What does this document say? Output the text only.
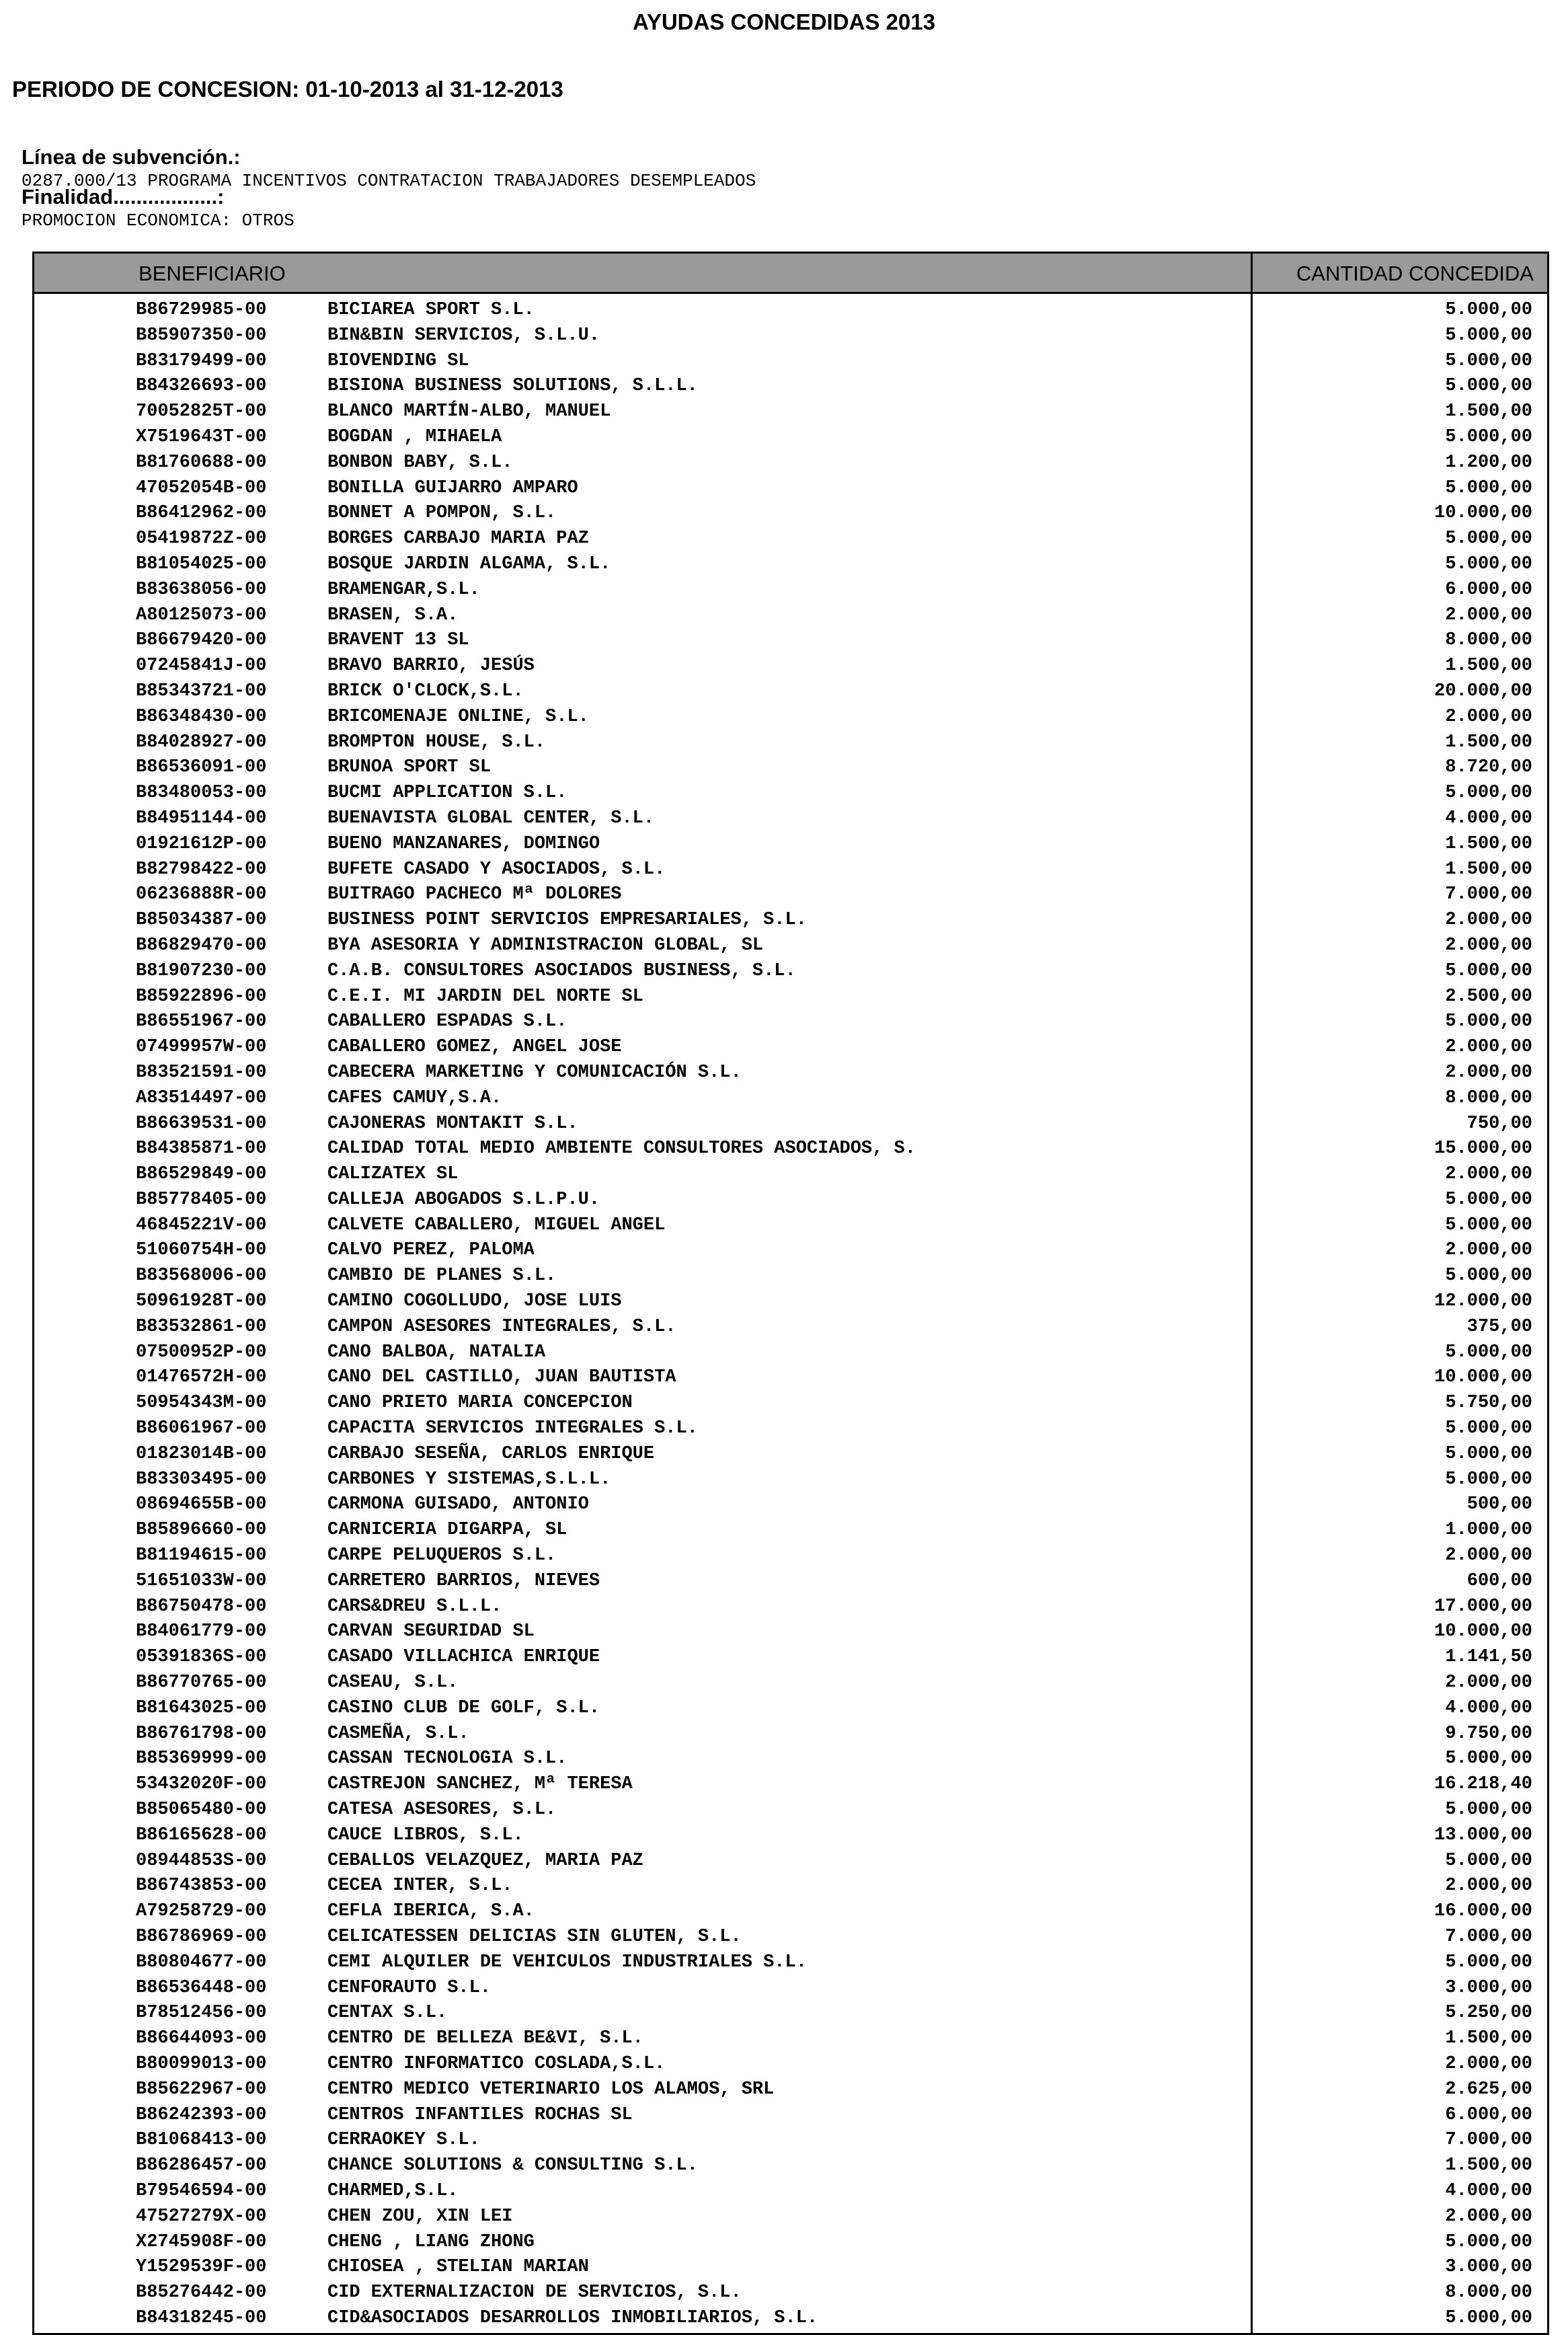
AYUDAS CONCEDIDAS 2013
PERIODO DE CONCESION: 01-10-2013 al 31-12-2013

Línea de subvención.:
0287.000/13 PROGRAMA INCENTIVOS CONTRATACION TRABAJADORES DESEMPLEADOS

Finalidad..................:
PROMOCION ECONOMICA: OTROS

BENEFICIARIO	CANTIDAD CONCEDIDA
B86729985-00	BICIAREA SPORT S.L.	5.000,00
B85907350-00	BIN&BIN SERVICIOS, S.L.U.	5.000,00
B83179499-00	BIOVENDING SL	5.000,00
B84326693-00	BISIONA BUSINESS SOLUTIONS, S.L.L.	5.000,00
70052825T-00	BLANCO MARTÍN-ALBO, MANUEL	1.500,00
X7519643T-00	BOGDAN , MIHAELA	5.000,00
B81760688-00	BONBON BABY, S.L.	1.200,00
47052054B-00	BONILLA GUIJARRO AMPARO	5.000,00
B86412962-00	BONNET A POMPON, S.L.	10.000,00
05419872Z-00	BORGES CARBAJO MARIA PAZ	5.000,00
B81054025-00	BOSQUE JARDIN ALGAMA, S.L.	5.000,00
B83638056-00	BRAMENGAR,S.L.	6.000,00
A80125073-00	BRASEN, S.A.	2.000,00
B86679420-00	BRAVENT 13 SL	8.000,00
07245841J-00	BRAVO BARRIO, JESÚS	1.500,00
B85343721-00	BRICK O'CLOCK,S.L.	20.000,00
B86348430-00	BRICOMENAJE ONLINE, S.L.	2.000,00
B84028927-00	BROMPTON HOUSE, S.L.	1.500,00
B86536091-00	BRUNOA SPORT SL	8.720,00
B83480053-00	BUCMI APPLICATION S.L.	5.000,00
B84951144-00	BUENAVISTA GLOBAL CENTER, S.L.	4.000,00
01921612P-00	BUENO MANZANARES, DOMINGO	1.500,00
B82798422-00	BUFETE CASADO Y ASOCIADOS, S.L.	1.500,00
06236888R-00	BUITRAGO PACHECO Mª DOLORES	7.000,00
B85034387-00	BUSINESS POINT SERVICIOS EMPRESARIALES, S.L.	2.000,00
B86829470-00	BYA ASESORIA Y ADMINISTRACION GLOBAL, SL	2.000,00
B81907230-00	C.A.B. CONSULTORES ASOCIADOS BUSINESS, S.L.	5.000,00
B85922896-00	C.E.I. MI JARDIN DEL NORTE SL	2.500,00
B86551967-00	CABALLERO ESPADAS S.L.	5.000,00
07499957W-00	CABALLERO GOMEZ, ANGEL JOSE	2.000,00
B83521591-00	CABECERA MARKETING Y COMUNICACIÓN S.L.	2.000,00
A83514497-00	CAFES CAMUY,S.A.	8.000,00
B86639531-00	CAJONERAS MONTAKIT S.L.	750,00
B84385871-00	CALIDAD TOTAL MEDIO AMBIENTE CONSULTORES ASOCIADOS, S.	15.000,00
B86529849-00	CALIZATEX SL	2.000,00
B85778405-00	CALLEJA ABOGADOS S.L.P.U.	5.000,00
46845221V-00	CALVETE CABALLERO, MIGUEL ANGEL	5.000,00
51060754H-00	CALVO PEREZ, PALOMA	2.000,00
B83568006-00	CAMBIO DE PLANES S.L.	5.000,00
50961928T-00	CAMINO COGOLLUDO, JOSE LUIS	12.000,00
B83532861-00	CAMPON ASESORES INTEGRALES, S.L.	375,00
07500952P-00	CANO BALBOA, NATALIA	5.000,00
01476572H-00	CANO DEL CASTILLO, JUAN BAUTISTA	10.000,00
50954343M-00	CANO PRIETO MARIA CONCEPCION	5.750,00
B86061967-00	CAPACITA SERVICIOS INTEGRALES S.L.	5.000,00
01823014B-00	CARBAJO SESEÑA, CARLOS ENRIQUE	5.000,00
B83303495-00	CARBONES Y SISTEMAS,S.L.L.	5.000,00
08694655B-00	CARMONA GUISADO, ANTONIO	500,00
B85896660-00	CARNICERIA DIGARPA, SL	1.000,00
B81194615-00	CARPE PELUQUEROS S.L.	2.000,00
51651033W-00	CARRETERO BARRIOS, NIEVES	600,00
B86750478-00	CARS&DREU S.L.L.	17.000,00
B84061779-00	CARVAN SEGURIDAD SL	10.000,00
05391836S-00	CASADO VILLACHICA ENRIQUE	1.141,50
B86770765-00	CASEAU, S.L.	2.000,00
B81643025-00	CASINO CLUB DE GOLF, S.L.	4.000,00
B86761798-00	CASMEÑA, S.L.	9.750,00
B85369999-00	CASSAN TECNOLOGIA S.L.	5.000,00
53432020F-00	CASTREJON SANCHEZ, Mª TERESA	16.218,40
B85065480-00	CATESA ASESORES, S.L.	5.000,00
B86165628-00	CAUCE LIBROS, S.L.	13.000,00
08944853S-00	CEBALLOS VELAZQUEZ, MARIA PAZ	5.000,00
B86743853-00	CECEA INTER, S.L.	2.000,00
A79258729-00	CEFLA IBERICA, S.A.	16.000,00
B86786969-00	CELICATESSEN DELICIAS SIN GLUTEN, S.L.	7.000,00
B80804677-00	CEMI ALQUILER DE VEHICULOS INDUSTRIALES S.L.	5.000,00
B86536448-00	CENFORAUTO S.L.	3.000,00
B78512456-00	CENTAX S.L.	5.250,00
B86644093-00	CENTRO DE BELLEZA BE&VI, S.L.	1.500,00
B80099013-00	CENTRO INFORMATICO COSLADA,S.L.	2.000,00
B85622967-00	CENTRO MEDICO VETERINARIO LOS ALAMOS, SRL	2.625,00
B86242393-00	CENTROS INFANTILES ROCHAS SL	6.000,00
B81068413-00	CERRAOKEY S.L.	7.000,00
B86286457-00	CHANCE SOLUTIONS & CONSULTING S.L.	1.500,00
B79546594-00	CHARMED,S.L.	4.000,00
47527279X-00	CHEN ZOU, XIN LEI	2.000,00
X2745908F-00	CHENG , LIANG ZHONG	5.000,00
Y1529539F-00	CHIOSEA , STELIAN MARIAN	3.000,00
B85276442-00	CID EXTERNALIZACION DE SERVICIOS, S.L.	8.000,00
B84318245-00	CID&ASOCIADOS DESARROLLOS INMOBILIARIOS, S.L.	5.000,00
